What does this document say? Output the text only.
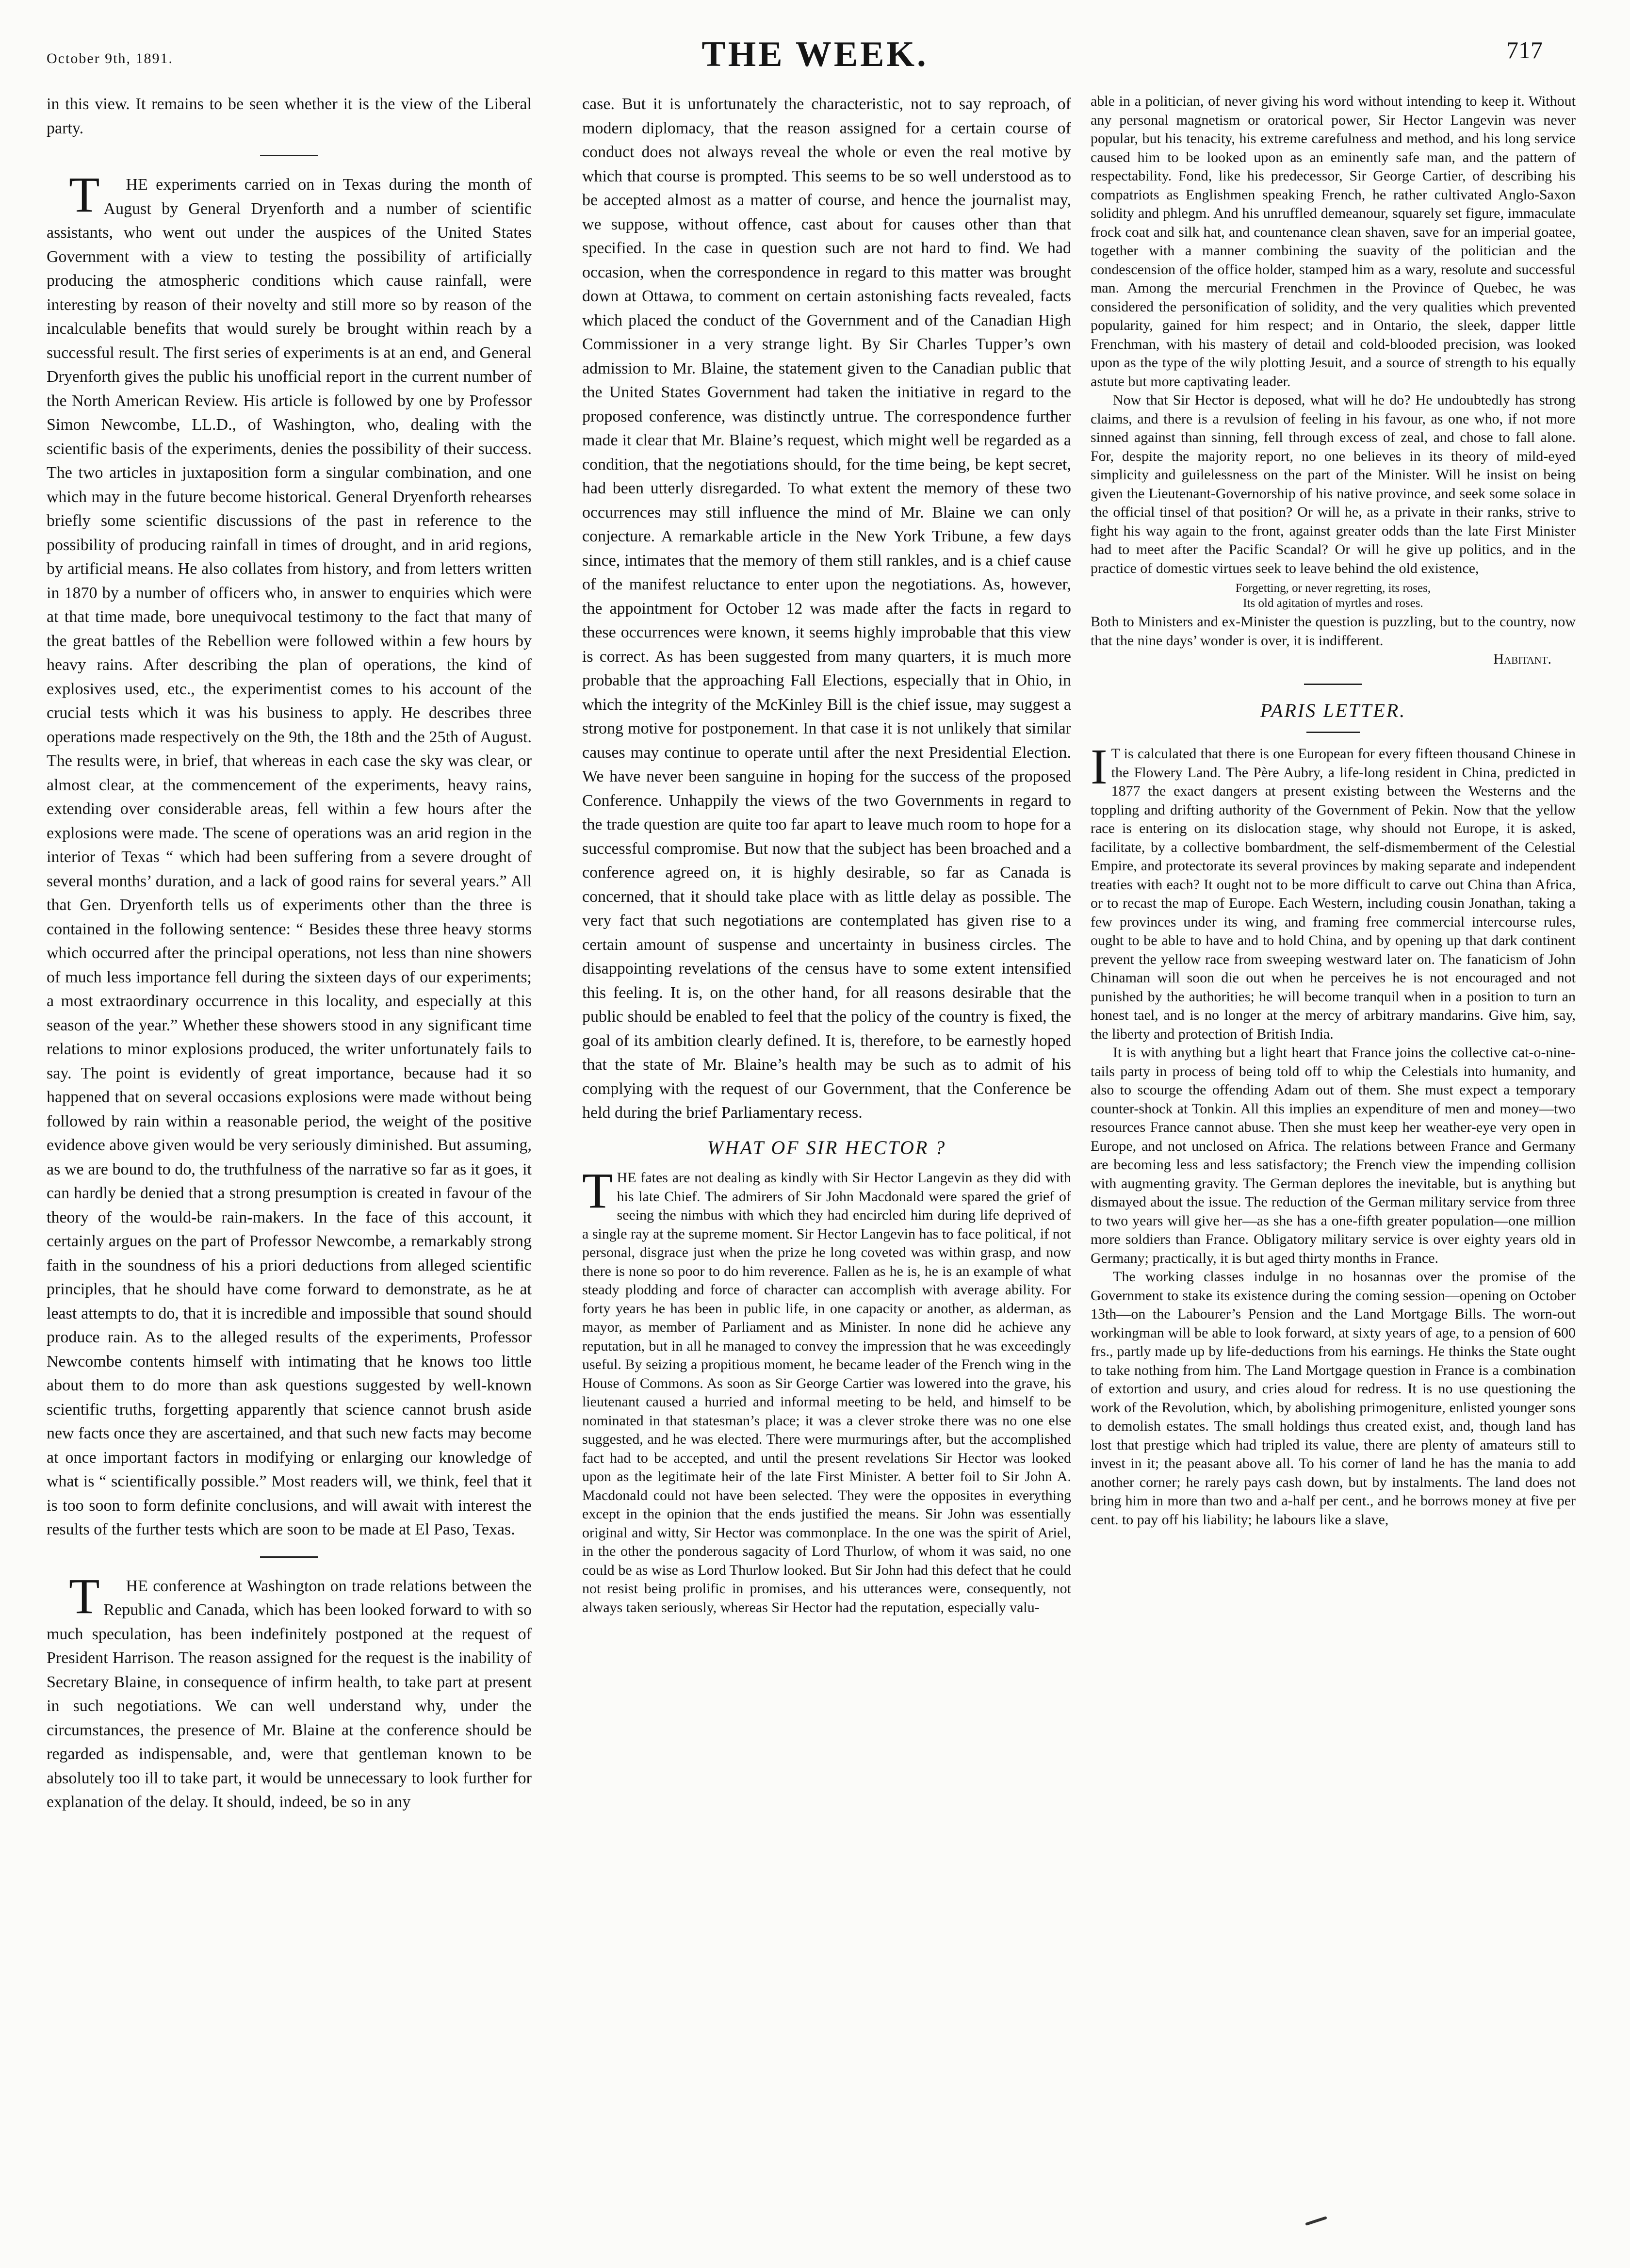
October 9th, 1891.	THE WEEK.	717

in this view. It remains to be seen whether it is the view of the Liberal party.

THE experiments carried on in Texas during the month of August by General Dryenforth and a number of scientific assistants, who went out under the auspices of the United States Government with a view to testing the possibility of artificially producing the atmospheric conditions which cause rainfall, were interesting by reason of their novelty and still more so by reason of the incalculable benefits that would surely be brought within reach by a successful result. The first series of experiments is at an end, and General Dryenforth gives the public his unofficial report in the current number of the North American Review. His article is followed by one by Professor Simon Newcombe, LL.D., of Washington, who, dealing with the scientific basis of the experiments, denies the possibility of their success. The two articles in juxtaposition form a singular combination, and one which may in the future become historical. General Dryenforth rehearses briefly some scientific discussions of the past in reference to the possibility of producing rainfall in times of drought, and in arid regions, by artificial means. He also collates from history, and from letters written in 1870 by a number of officers who, in answer to enquiries which were at that time made, bore unequivocal testimony to the fact that many of the great battles of the Rebellion were followed within a few hours by heavy rains. After describing the plan of operations, the kind of explosives used, etc., the experimentist comes to his account of the crucial tests which it was his business to apply. He describes three operations made respectively on the 9th, the 18th and the 25th of August. The results were, in brief, that whereas in each case the sky was clear, or almost clear, at the commencement of the experiments, heavy rains, extending over considerable areas, fell within a few hours after the explosions were made. The scene of operations was an arid region in the interior of Texas “ which had been suffering from a severe drought of several months’ duration, and a lack of good rains for several years.” All that Gen. Dryenforth tells us of experiments other than the three is contained in the following sentence: “ Besides these three heavy storms which occurred after the principal operations, not less than nine showers of much less importance fell during the sixteen days of our experiments; a most extraordinary occurrence in this locality, and especially at this season of the year.” Whether these showers stood in any significant time relations to minor explosions produced, the writer unfortunately fails to say. The point is evidently of great importance, because had it so happened that on several occasions explosions were made without being followed by rain within a reasonable period, the weight of the positive evidence above given would be very seriously diminished. But assuming, as we are bound to do, the truthfulness of the narrative so far as it goes, it can hardly be denied that a strong presumption is created in favour of the theory of the would-be rain-makers. In the face of this account, it certainly argues on the part of Professor Newcombe, a remarkably strong faith in the soundness of his a priori deductions from alleged scientific principles, that he should have come forward to demonstrate, as he at least attempts to do, that it is incredible and impossible that sound should produce rain. As to the alleged results of the experiments, Professor Newcombe contents himself with intimating that he knows too little about them to do more than ask questions suggested by well-known scientific truths, forgetting apparently that science cannot brush aside new facts once they are ascertained, and that such new facts may become at once important factors in modifying or enlarging our knowledge of what is “ scientifically possible.” Most readers will, we think, feel that it is too soon to form definite conclusions, and will await with interest the results of the further tests which are soon to be made at El Paso, Texas.

THE conference at Washington on trade relations between the Republic and Canada, which has been looked forward to with so much speculation, has been indefinitely postponed at the request of President Harrison. The reason assigned for the request is the inability of Secretary Blaine, in consequence of infirm health, to take part at present in such negotiations. We can well understand why, under the circumstances, the presence of Mr. Blaine at the conference should be regarded as indispensable, and, were that gentleman known to be absolutely too ill to take part, it would be unnecessary to look further for explanation of the delay. It should, indeed, be so in any

case. But it is unfortunately the characteristic, not to say reproach, of modern diplomacy, that the reason assigned for a certain course of conduct does not always reveal the whole or even the real motive by which that course is prompted. This seems to be so well understood as to be accepted almost as a matter of course, and hence the journalist may, we suppose, without offence, cast about for causes other than that specified. In the case in question such are not hard to find. We had occasion, when the correspondence in regard to this matter was brought down at Ottawa, to comment on certain astonishing facts revealed, facts which placed the conduct of the Government and of the Canadian High Commissioner in a very strange light. By Sir Charles Tupper’s own admission to Mr. Blaine, the statement given to the Canadian public that the United States Government had taken the initiative in regard to the proposed conference, was distinctly untrue. The correspondence further made it clear that Mr. Blaine’s request, which might well be regarded as a condition, that the negotiations should, for the time being, be kept secret, had been utterly disregarded. To what extent the memory of these two occurrences may still influence the mind of Mr. Blaine we can only conjecture. A remarkable article in the New York Tribune, a few days since, intimates that the memory of them still rankles, and is a chief cause of the manifest reluctance to enter upon the negotiations. As, however, the appointment for October 12 was made after the facts in regard to these occurrences were known, it seems highly improbable that this view is correct. As has been suggested from many quarters, it is much more probable that the approaching Fall Elections, especially that in Ohio, in which the integrity of the McKinley Bill is the chief issue, may suggest a strong motive for postponement. In that case it is not unlikely that similar causes may continue to operate until after the next Presidential Election. We have never been sanguine in hoping for the success of the proposed Conference. Unhappily the views of the two Governments in regard to the trade question are quite too far apart to leave much room to hope for a successful compromise. But now that the subject has been broached and a conference agreed on, it is highly desirable, so far as Canada is concerned, that it should take place with as little delay as possible. The very fact that such negotiations are contemplated has given rise to a certain amount of suspense and uncertainty in business circles. The disappointing revelations of the census have to some extent intensified this feeling. It is, on the other hand, for all reasons desirable that the public should be enabled to feel that the policy of the country is fixed, the goal of its ambition clearly defined. It is, therefore, to be earnestly hoped that the state of Mr. Blaine’s health may be such as to admit of his complying with the request of our Government, that the Conference be held during the brief Parliamentary recess.

WHAT OF SIR HECTOR ?

THE fates are not dealing as kindly with Sir Hector Langevin as they did with his late Chief. The admirers of Sir John Macdonald were spared the grief of seeing the nimbus with which they had encircled him during life deprived of a single ray at the supreme moment. Sir Hector Langevin has to face political, if not personal, disgrace just when the prize he long coveted was within grasp, and now there is none so poor to do him reverence. Fallen as he is, he is an example of what steady plodding and force of character can accomplish with average ability. For forty years he has been in public life, in one capacity or another, as alderman, as mayor, as member of Parliament and as Minister. In none did he achieve any reputation, but in all he managed to convey the impression that he was exceedingly useful. By seizing a propitious moment, he became leader of the French wing in the House of Commons. As soon as Sir George Cartier was lowered into the grave, his lieutenant caused a hurried and informal meeting to be held, and himself to be nominated in that statesman’s place; it was a clever stroke there was no one else suggested, and he was elected. There were murmurings after, but the accomplished fact had to be accepted, and until the present revelations Sir Hector was looked upon as the legitimate heir of the late First Minister. A better foil to Sir John A. Macdonald could not have been selected. They were the opposites in everything except in the opinion that the ends justified the means. Sir John was essentially original and witty, Sir Hector was commonplace. In the one was the spirit of Ariel, in the other the ponderous sagacity of Lord Thurlow, of whom it was said, no one could be as wise as Lord Thurlow looked. But Sir John had this defect that he could not resist being prolific in promises, and his utterances were, consequently, not always taken seriously, whereas Sir Hector had the reputation, especially valu-

able in a politician, of never giving his word without intending to keep it. Without any personal magnetism or oratorical power, Sir Hector Langevin was never popular, but his tenacity, his extreme carefulness and method, and his long service caused him to be looked upon as an eminently safe man, and the pattern of respectability. Fond, like his predecessor, Sir George Cartier, of describing his compatriots as Englishmen speaking French, he rather cultivated Anglo-Saxon solidity and phlegm. And his unruffled demeanour, squarely set figure, immaculate frock coat and silk hat, and countenance clean shaven, save for an imperial goatee, together with a manner combining the suavity of the politician and the condescension of the office holder, stamped him as a wary, resolute and successful man. Among the mercurial Frenchmen in the Province of Quebec, he was considered the personification of solidity, and the very qualities which prevented popularity, gained for him respect; and in Ontario, the sleek, dapper little Frenchman, with his mastery of detail and cold-blooded precision, was looked upon as the type of the wily plotting Jesuit, and a source of strength to his equally astute but more captivating leader.

Now that Sir Hector is deposed, what will he do? He undoubtedly has strong claims, and there is a revulsion of feeling in his favour, as one who, if not more sinned against than sinning, fell through excess of zeal, and chose to fall alone. For, despite the majority report, no one believes in its theory of mild-eyed simplicity and guilelessness on the part of the Minister. Will he insist on being given the Lieutenant-Governorship of his native province, and seek some solace in the official tinsel of that position? Or will he, as a private in their ranks, strive to fight his way again to the front, against greater odds than the late First Minister had to meet after the Pacific Scandal? Or will he give up politics, and in the practice of domestic virtues seek to leave behind the old existence,

Forgetting, or never regretting, its roses,
Its old agitation of myrtles and roses.

Both to Ministers and ex-Minister the question is puzzling, but to the country, now that the nine days’ wonder is over, it is indifferent.

Habitant.
PARIS LETTER.

IT is calculated that there is one European for every fifteen thousand Chinese in the Flowery Land. The Père Aubry, a life-long resident in China, predicted in 1877 the exact dangers at present existing between the Westerns and the toppling and drifting authority of the Government of Pekin. Now that the yellow race is entering on its dislocation stage, why should not Europe, it is asked, facilitate, by a collective bombardment, the self-dismemberment of the Celestial Empire, and protectorate its several provinces by making separate and independent treaties with each? It ought not to be more difficult to carve out China than Africa, or to recast the map of Europe. Each Western, including cousin Jonathan, taking a few provinces under its wing, and framing free commercial intercourse rules, ought to be able to have and to hold China, and by opening up that dark continent prevent the yellow race from sweeping westward later on. The fanaticism of John Chinaman will soon die out when he perceives he is not encouraged and not punished by the authorities; he will become tranquil when in a position to turn an honest tael, and is no longer at the mercy of arbitrary mandarins. Give him, say, the liberty and protection of British India.

It is with anything but a light heart that France joins the collective cat-o-nine-tails party in process of being told off to whip the Celestials into humanity, and also to scourge the offending Adam out of them. She must expect a temporary counter-shock at Tonkin. All this implies an expenditure of men and money—two resources France cannot abuse. Then she must keep her weather-eye very open in Europe, and not unclosed on Africa. The relations between France and Germany are becoming less and less satisfactory; the French view the impending collision with augmenting gravity. The German deplores the inevitable, but is anything but dismayed about the issue. The reduction of the German military service from three to two years will give her—as she has a one-fifth greater population—one million more soldiers than France. Obligatory military service is over eighty years old in Germany; practically, it is but aged thirty months in France.

The working classes indulge in no hosannas over the promise of the Government to stake its existence during the coming session—opening on October 13th—on the Labourer’s Pension and the Land Mortgage Bills. The worn-out workingman will be able to look forward, at sixty years of age, to a pension of 600 frs., partly made up by life-deductions from his earnings. He thinks the State ought to take nothing from him. The Land Mortgage question in France is a combination of extortion and usury, and cries aloud for redress. It is no use questioning the work of the Revolution, which, by abolishing primogeniture, enlisted younger sons to demolish estates. The small holdings thus created exist, and, though land has lost that prestige which had tripled its value, there are plenty of amateurs still to invest in it; the peasant above all. To his corner of land he has the mania to add another corner; he rarely pays cash down, but by instalments. The land does not bring him in more than two and a-half per cent., and he borrows money at five per cent. to pay off his liability; he labours like a slave,
